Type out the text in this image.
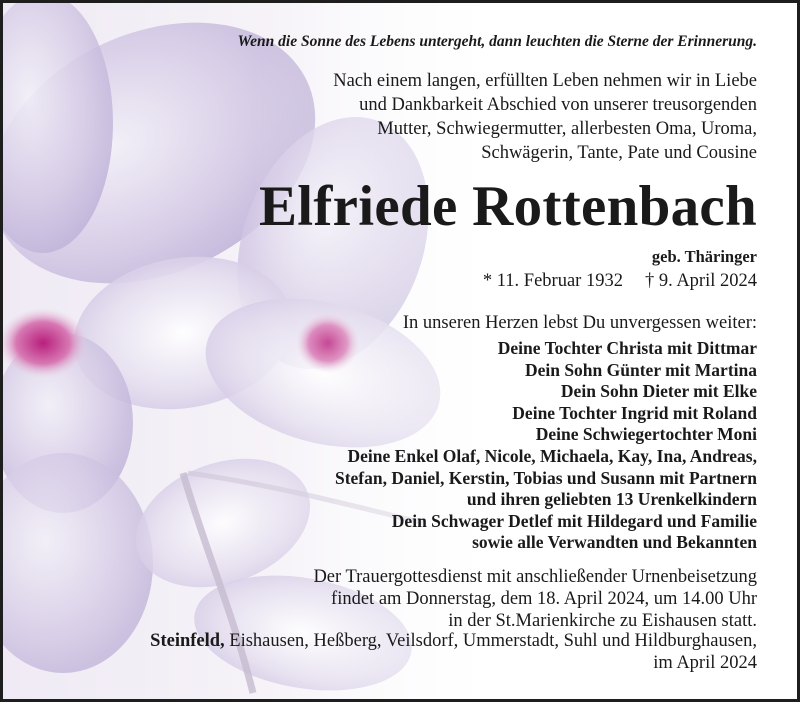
Wenn die Sonne des Lebens untergeht, dann leuchten die Sterne der Erinnerung.
Nach einem langen, erfüllten Leben nehmen wir in Liebe
und Dankbarkeit Abschied von unserer treusorgenden
Mutter, Schwiegermutter, allerbesten Oma, Uroma,
Schwägerin, Tante, Pate und Cousine
Elfriede Rottenbach
geb. Thäringer
* 11. Februar 1932 † 9. April 2024
In unseren Herzen lebst Du unvergessen weiter:
Deine Tochter Christa mit Dittmar
Dein Sohn Günter mit Martina
Dein Sohn Dieter mit Elke
Deine Tochter Ingrid mit Roland
Deine Schwiegertochter Moni
Deine Enkel Olaf, Nicole, Michaela, Kay, Ina, Andreas,
Stefan, Daniel, Kerstin, Tobias und Susann mit Partnern
und ihren geliebten 13 Urenkelkindern
Dein Schwager Detlef mit Hildegard und Familie
sowie alle Verwandten und Bekannten
Der Trauergottesdienst mit anschließender Urnenbeisetzung
findet am Donnerstag, dem 18. April 2024, um 14.00 Uhr
in der St.Marienkirche zu Eishausen statt.
Steinfeld, Eishausen, Heßberg, Veilsdorf, Ummerstadt, Suhl und Hildburghausen,
im April 2024
